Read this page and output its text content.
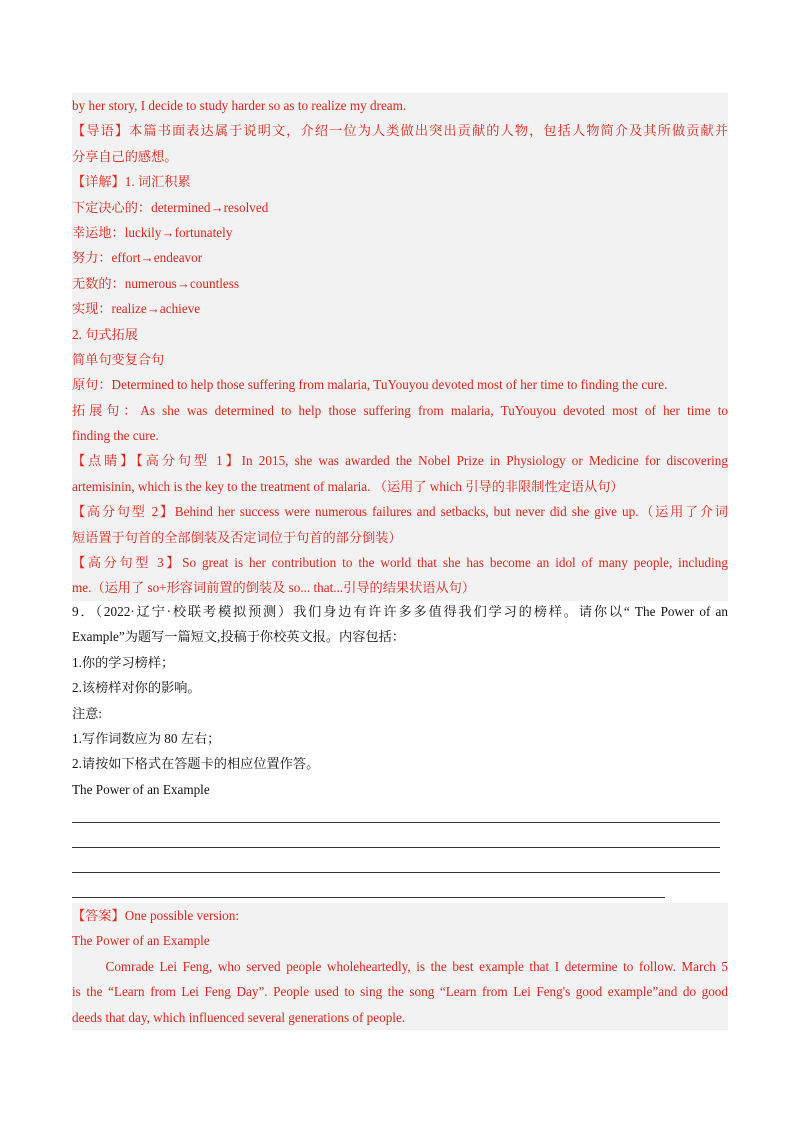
by her story, I decide to study harder so as to realize my dream.
【导语】本篇书面表达属于说明文，介绍一位为人类做出突出贡献的人物，包括人物简介及其所做贡献并
分享自己的感想。
【详解】1. 词汇积累
下定决心的：determined→resolved
幸运地：luckily→fortunately
努力：effort→endeavor
无数的：numerous→countless
实现：realize→achieve
2. 句式拓展
简单句变复合句
原句：Determined to help those suffering from malaria, TuYouyou devoted most of her time to finding the cure.
拓展句：As she was determined to help those suffering from malaria, TuYouyou devoted most of her time to
finding the cure.
【点睛】【高分句型 1】In 2015, she was awarded the Nobel Prize in Physiology or Medicine for discovering
artemisinin, which is the key to the treatment of malaria. （运用了 which 引导的非限制性定语从句）
【高分句型 2】Behind her success were numerous failures and setbacks, but never did she give up.（运用了介词
短语置于句首的全部倒装及否定词位于句首的部分倒装）
【高分句型 3】So great is her contribution to the world that she has become an idol of many people, including
me.（运用了 so+形容词前置的倒装及 so... that...引导的结果状语从句）
9．（2022·辽宁·校联考模拟预测）我们身边有许许多多值得我们学习的榜样。请你以“ The Power of an
Example”为题写一篇短文,投稿于你校英文报。内容包括：
1.你的学习榜样；
2.该榜样对你的影响。
注意:
1.写作词数应为 80 左右；
2.请按如下格式在答题卡的相应位置作答。
The Power of an Example
【答案】One possible version:
The Power of an Example
Comrade Lei Feng, who served people wholeheartedly, is the best example that I determine to follow. March 5
is the “Learn from Lei Feng Day”. People used to sing the song “Learn from Lei Feng's good example”and do good
deeds that day, which influenced several generations of people.
